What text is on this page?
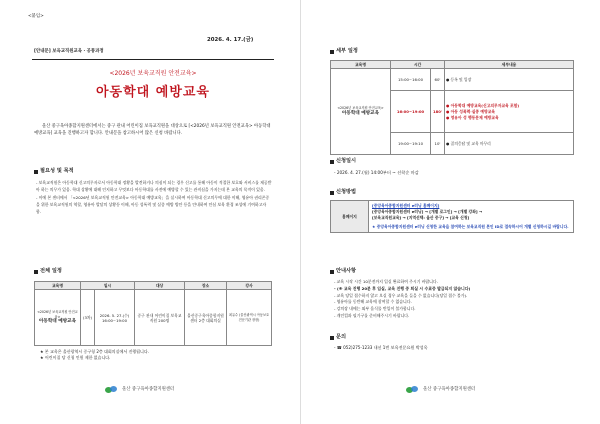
<붙임>
2026. 4. 17.(금)
[안내문] 보육교직원교육 · 공통과정
<2026년 보육교직원 안전교육>
아동학대 예방교육
울산 중구육아종합지원센터에서는 중구 관내 어린이집 보육교직원을 대상으로 [<2026년 보육교직원 안전교육> 아동학대 예방교육] 교육을 진행하고자 합니다. 안내문을 참고하시어 많은 신청 바랍니다.
필요성 및 목적
- 보육교직원은 아동학대 신고의무자로서 아동학대 정황을 발견하거나 의심이 되는 경우 신고를 통해 아동이 적절한 보호와 서비스를 제공받아 하는 의무가 있음. 학대 상황에 대해 인지하고 무엇보다 아동학대를 사전에 예방할 수 있는 관직심을 가지는데 본 교육의 목적이 있음.
- 이에 본 센터에서 「<2026년 보육교직원 안전교육> 아동학대 예방교육」을 실시하여 아동학대 신고의무에 대한 이해, 영유아 권리존중을 위한 보육교직원의 역할, 영유아 발달의 상황등 이해, 아동 성폭력 및 실종 예방 방안 등을 안내하여 안심 보육 환경 조성에 기여하고자 함.
전체 일정
교육명	일시		대상	장소	강사

<2026년 보육교직원 안전교육>
아동학대 예방교육	(3차)	2026. 5. 27.(수) 16:00~19:00	중구 관내 어린이집 보육교직원 200명	울산중구육아종합지원센터 2층 대회의실	최유수 (울산광역시 아동보호전문기관 장장)
★ 본 교육은 울산광역시 중구청 2층 대회의실에서 진행됩니다.
★ 어린이집 당 신청 인원 제한 없습니다.
울산 중구육아종합지원센터
세부 일정
교육명	시간		세부내용

<2026년 보육교직원 안전교육>
아동학대 예방교육	15:00~16:00	60'	● 등록 및 입장
	16:00~19:00	180'	● 아동학대 예방교육(신고의무자교육 포함)
● 아동 성폭력·실종 예방교육
● 영유아 성 행동문제 예방교육

	19:00~19:10	10'	● 질의응답 및 교육 마무리
신청일시
- 2026. 4. 27.(월) 14:00부터 ~ 선착순 마감
신청방법
홈페이지	
[중앙육아종합지원센터 e러닝 홈페이지]
[중앙육아종합지원센터 e러닝] → [개별 로그인] → [개별 강좌] →
[보육교직원교육] → [지역선택: 울산 중구] → [교육 신청]
★ 중앙육아종합지원센터 e러닝 신청한 교육을 참여하는 보육교직원 본인 ID로 접속하시어 개별 신청하시길 바랍니다.
안내사항
- 교육 시작 시간 10분전까지 입실 완료하여 주시기 바랍니다.
- (※ 교육 진행 20분 후 입실, 교육 진행 중 퇴실 시 수료증 발급되지 않습니다)
- 교육 당일 접수하지 않고 오실 경우 교육을 들을 수 없습니다(당일 접수 불가).
- 영유아를 동반해 교육에 참여할 수 없습니다.
- 강의장 내에는 외부 음식물 반입이 불가합니다.
- 개인컵과 필기구를 준비해주시기 바랍니다.
문의
- ☎ 052)275-1233 내선 1번 보육전문요원 박성욱
울산 중구육아종합지원센터
